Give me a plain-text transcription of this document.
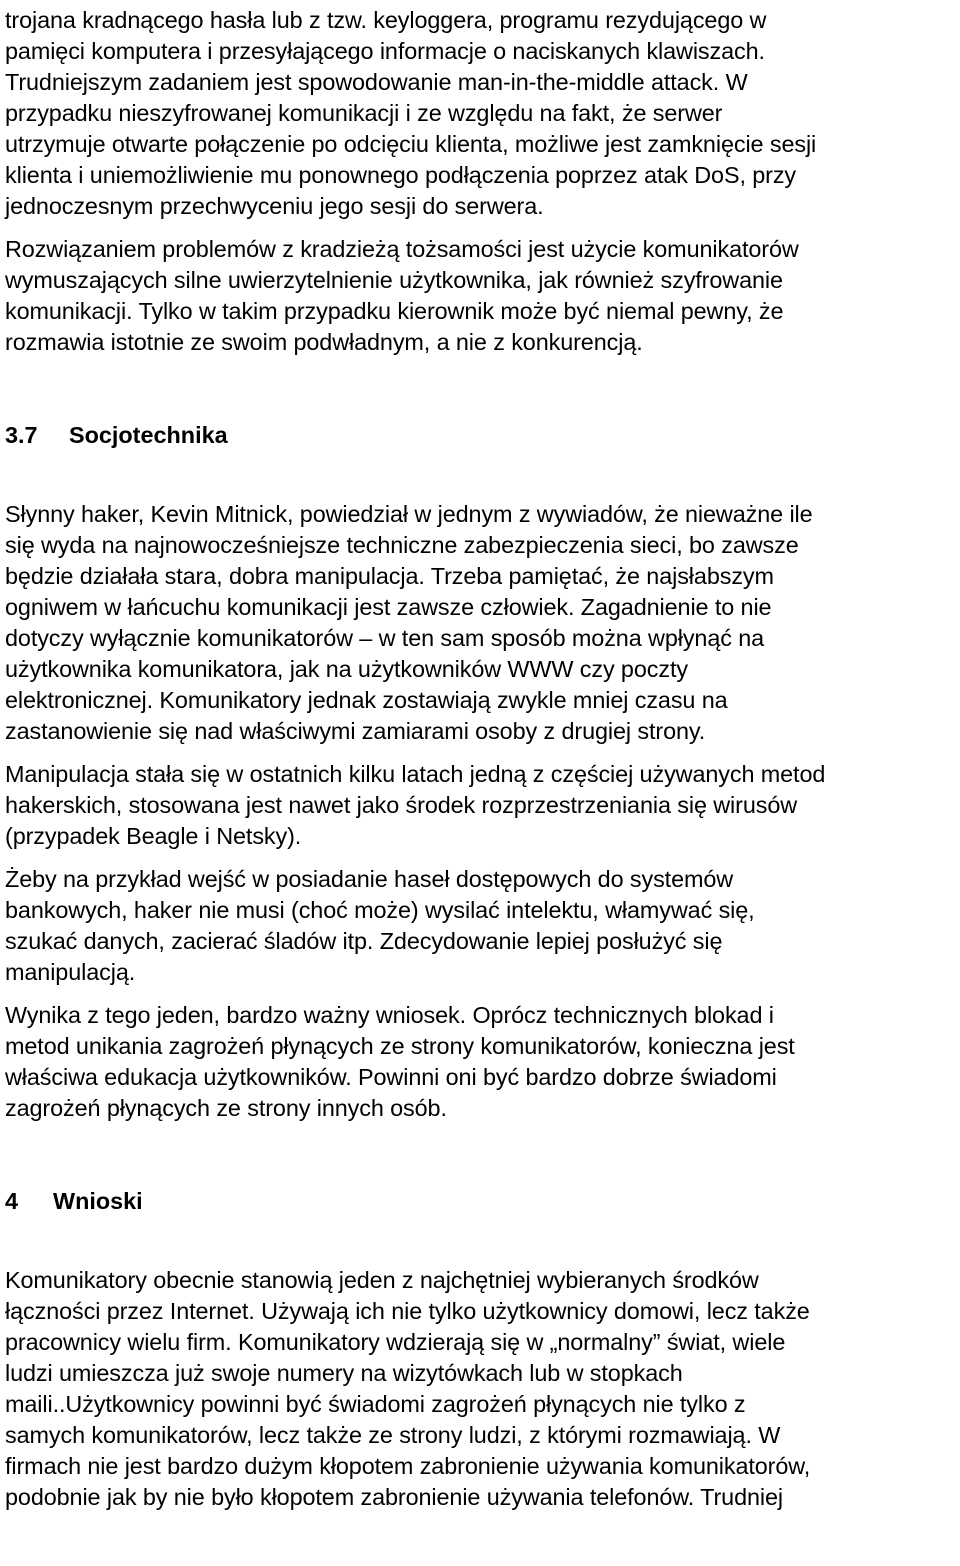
trojana kradnącego hasła lub z tzw. keyloggera, programu rezydującego w
pamięci komputera i przesyłającego informacje o naciskanych klawiszach.
Trudniejszym zadaniem jest spowodowanie man-in-the-middle attack. W
przypadku nieszyfrowanej komunikacji i ze względu na fakt, że serwer
utrzymuje otwarte połączenie po odcięciu klienta, możliwe jest zamknięcie sesji
klienta i uniemożliwienie mu ponownego podłączenia poprzez atak DoS, przy
jednoczesnym przechwyceniu jego sesji do serwera.
Rozwiązaniem problemów z kradzieżą tożsamości jest użycie komunikatorów
wymuszających silne uwierzytelnienie użytkownika, jak również szyfrowanie
komunikacji. Tylko w takim przypadku kierownik może być niemal pewny, że
rozmawia istotnie ze swoim podwładnym, a nie z konkurencją.
3.7 Socjotechnika
Słynny haker, Kevin Mitnick, powiedział w jednym z wywiadów, że nieważne ile
się wyda na najnowocześniejsze techniczne zabezpieczenia sieci, bo zawsze
będzie działała stara, dobra manipulacja. Trzeba pamiętać, że najsłabszym
ogniwem w łańcuchu komunikacji jest zawsze człowiek. Zagadnienie to nie
dotyczy wyłącznie komunikatorów – w ten sam sposób można wpłynąć na
użytkownika komunikatora, jak na użytkowników WWW czy poczty
elektronicznej. Komunikatory jednak zostawiają zwykle mniej czasu na
zastanowienie się nad właściwymi zamiarami osoby z drugiej strony.
Manipulacja stała się w ostatnich kilku latach jedną z częściej używanych metod
hakerskich, stosowana jest nawet jako środek rozprzestrzeniania się wirusów
(przypadek Beagle i Netsky).
Żeby na przykład wejść w posiadanie haseł dostępowych do systemów
bankowych, haker nie musi (choć może) wysilać intelektu, włamywać się,
szukać danych, zacierać śladów itp. Zdecydowanie lepiej posłużyć się
manipulacją.
Wynika z tego jeden, bardzo ważny wniosek. Oprócz technicznych blokad i
metod unikania zagrożeń płynących ze strony komunikatorów, konieczna jest
właściwa edukacja użytkowników. Powinni oni być bardzo dobrze świadomi
zagrożeń płynących ze strony innych osób.
4 Wnioski
Komunikatory obecnie stanowią jeden z najchętniej wybieranych środków
łączności przez Internet. Używają ich nie tylko użytkownicy domowi, lecz także
pracownicy wielu firm. Komunikatory wdzierają się w „normalny” świat, wiele
ludzi umieszcza już swoje numery na wizytówkach lub w stopkach
maili..Użytkownicy powinni być świadomi zagrożeń płynących nie tylko z
samych komunikatorów, lecz także ze strony ludzi, z którymi rozmawiają. W
firmach nie jest bardzo dużym kłopotem zabronienie używania komunikatorów,
podobnie jak by nie było kłopotem zabronienie używania telefonów. Trudniej
